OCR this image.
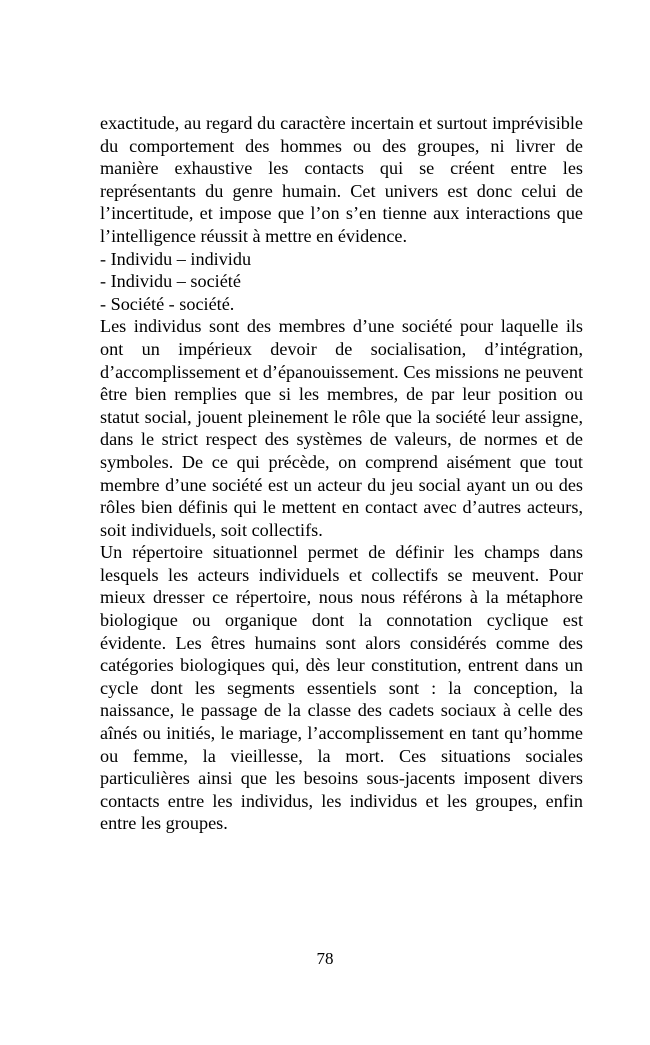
exactitude, au regard du caractère incertain et surtout imprévisible du comportement des hommes ou des groupes, ni livrer de manière exhaustive les contacts qui se créent entre les représentants du genre humain. Cet univers est donc celui de l’incertitude, et impose que l’on s’en tienne aux interactions que l’intelligence réussit à mettre en évidence.

- Individu – individu
- Individu – société
- Société - société.

Les individus sont des membres d’une société pour laquelle ils ont un impérieux devoir de socialisation, d’intégration, d’accomplissement et d’épanouissement. Ces missions ne peuvent être bien remplies que si les membres, de par leur position ou statut social, jouent pleinement le rôle que la société leur assigne, dans le strict respect des systèmes de valeurs, de normes et de symboles. De ce qui précède, on comprend aisément que tout membre d’une société est un acteur du jeu social ayant un ou des rôles bien définis qui le mettent en contact avec d’autres acteurs, soit individuels, soit collectifs.

Un répertoire situationnel permet de définir les champs dans lesquels les acteurs individuels et collectifs se meuvent. Pour mieux dresser ce répertoire, nous nous référons à la métaphore biologique ou organique dont la connotation cyclique est évidente. Les êtres humains sont alors considérés comme des catégories biologiques qui, dès leur constitution, entrent dans un cycle dont les segments essentiels sont : la conception, la naissance, le passage de la classe des cadets sociaux à celle des aînés ou initiés, le mariage, l’accomplissement en tant qu’homme ou femme, la vieillesse, la mort. Ces situations sociales particulières ainsi que les besoins sous-jacents imposent divers contacts entre les individus, les individus et les groupes, enfin entre les groupes.

78
